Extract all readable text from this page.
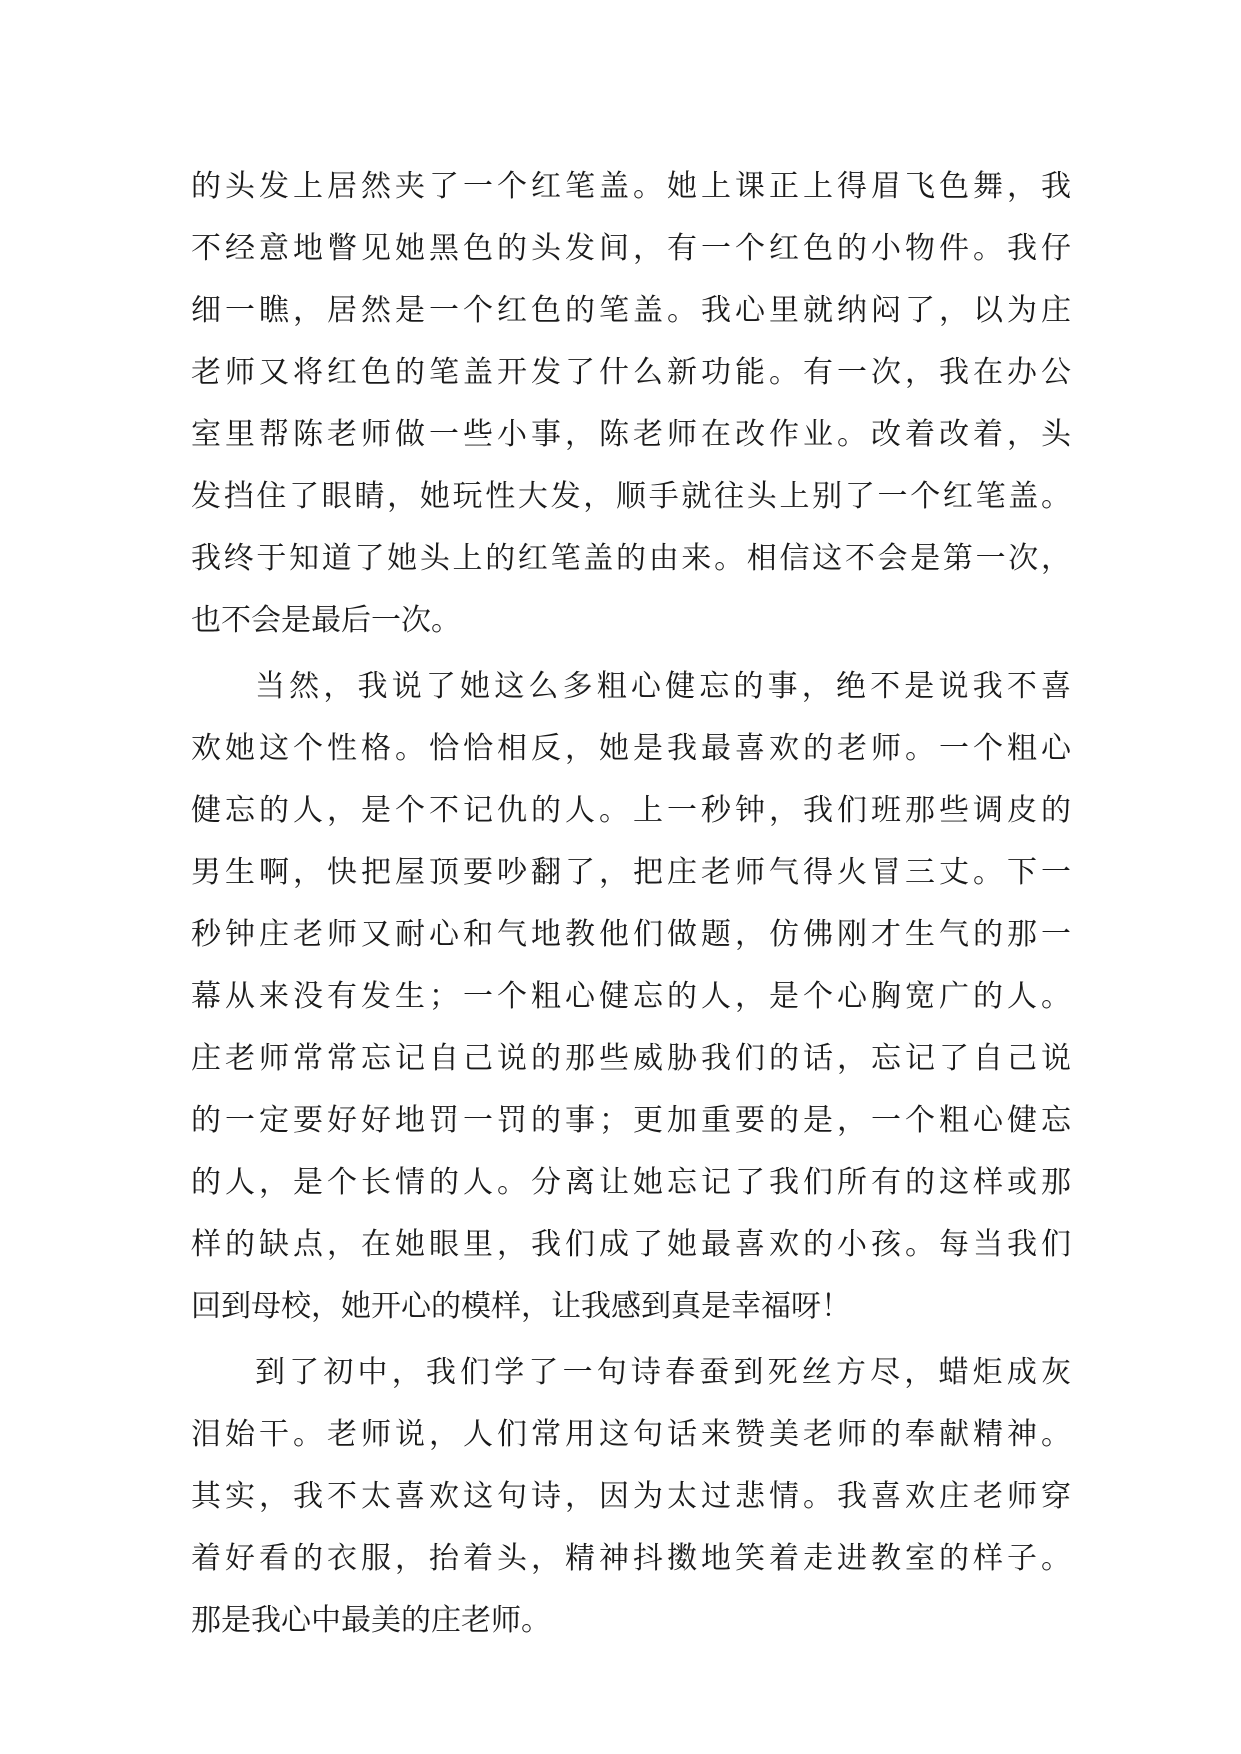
的头发上居然夹了一个红笔盖。她上课正上得眉飞色舞，我
不经意地瞥见她黑色的头发间，有一个红色的小物件。我仔
细一瞧，居然是一个红色的笔盖。我心里就纳闷了，以为庄
老师又将红色的笔盖开发了什么新功能。有一次，我在办公
室里帮陈老师做一些小事，陈老师在改作业。改着改着，头
发挡住了眼睛，她玩性大发，顺手就往头上别了一个红笔盖。
我终于知道了她头上的红笔盖的由来。相信这不会是第一次，
也不会是最后一次。
当然，我说了她这么多粗心健忘的事，绝不是说我不喜
欢她这个性格。恰恰相反，她是我最喜欢的老师。一个粗心
健忘的人，是个不记仇的人。上一秒钟，我们班那些调皮的
男生啊，快把屋顶要吵翻了，把庄老师气得火冒三丈。下一
秒钟庄老师又耐心和气地教他们做题，仿佛刚才生气的那一
幕从来没有发生；一个粗心健忘的人，是个心胸宽广的人。
庄老师常常忘记自己说的那些威胁我们的话，忘记了自己说
的一定要好好地罚一罚的事；更加重要的是，一个粗心健忘
的人，是个长情的人。分离让她忘记了我们所有的这样或那
样的缺点，在她眼里，我们成了她最喜欢的小孩。每当我们
回到母校，她开心的模样，让我感到真是幸福呀！
到了初中，我们学了一句诗春蚕到死丝方尽，蜡炬成灰
泪始干。老师说，人们常用这句话来赞美老师的奉献精神。
其实，我不太喜欢这句诗，因为太过悲情。我喜欢庄老师穿
着好看的衣服，抬着头，精神抖擞地笑着走进教室的样子。
那是我心中最美的庄老师。
